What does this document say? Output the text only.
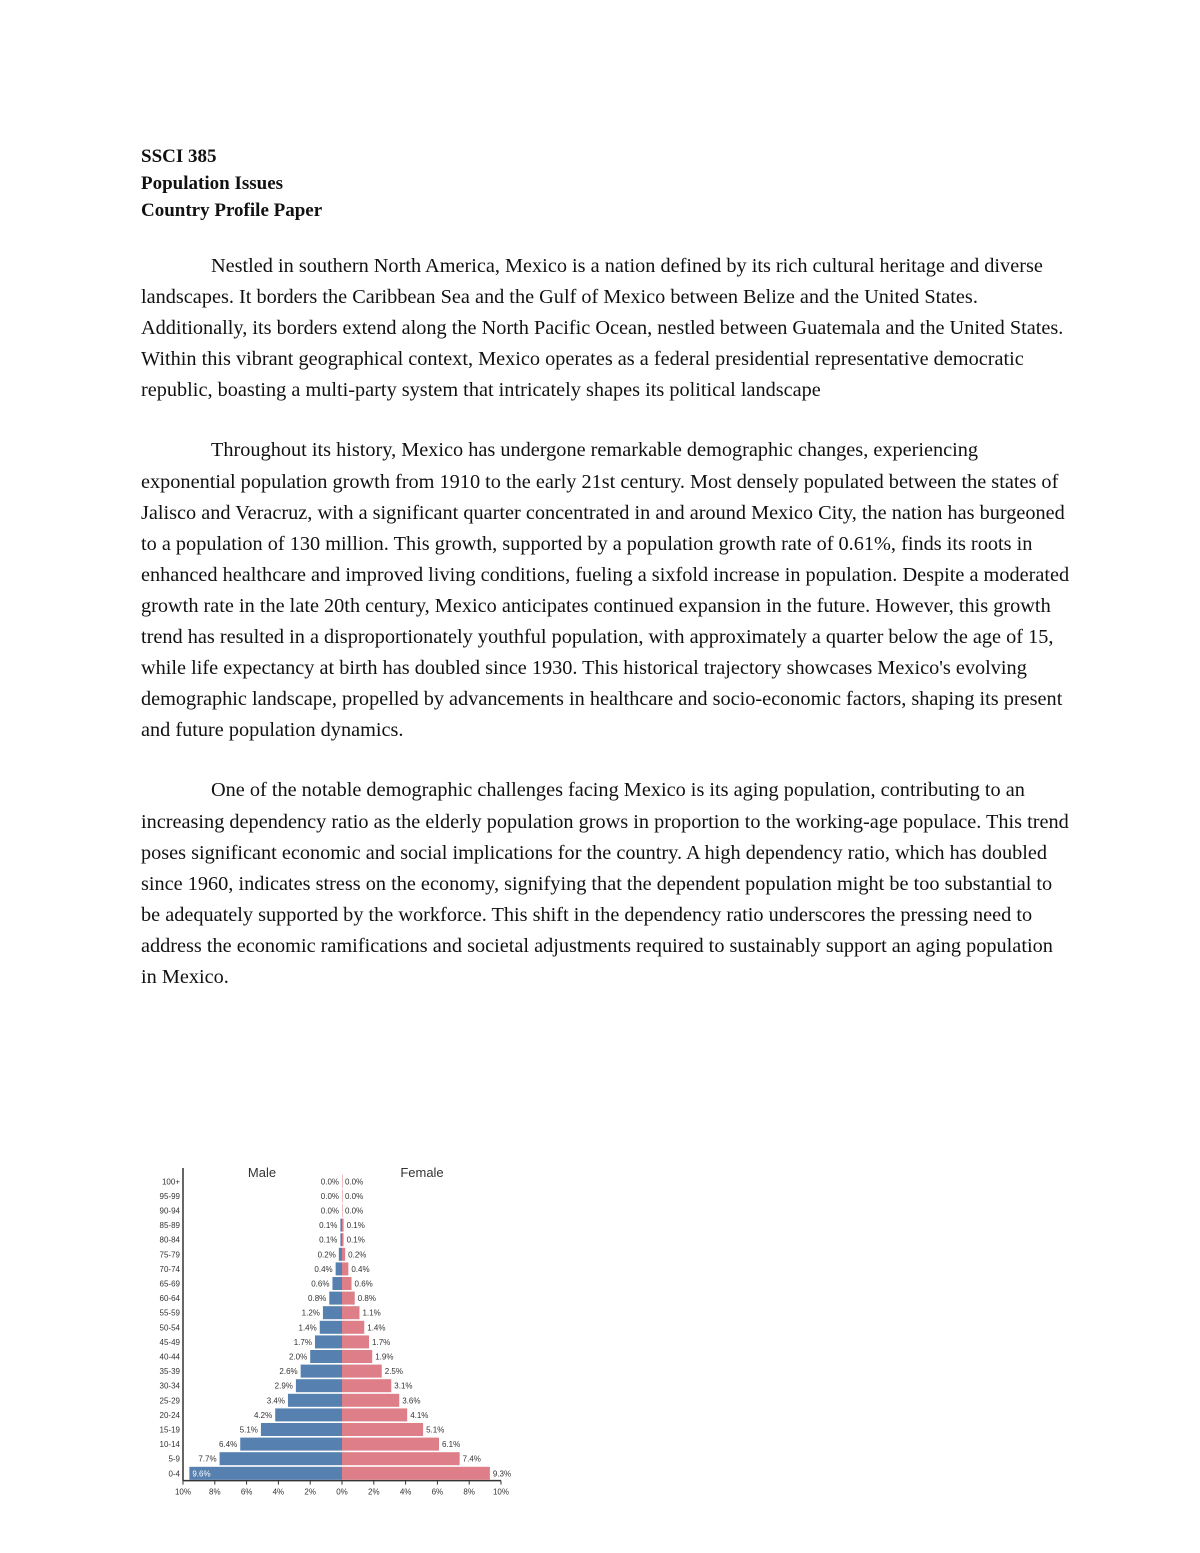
SSCI 385
Population Issues
Country Profile Paper

Nestled in southern North America, Mexico is a nation defined by its rich cultural heritage and diverse landscapes. It borders the Caribbean Sea and the Gulf of Mexico between Belize and the United States. Additionally, its borders extend along the North Pacific Ocean, nestled between Guatemala and the United States. Within this vibrant geographical context, Mexico operates as a federal presidential representative democratic republic, boasting a multi-party system that intricately shapes its political landscape

Throughout its history, Mexico has undergone remarkable demographic changes, experiencing exponential population growth from 1910 to the early 21st century. Most densely populated between the states of Jalisco and Veracruz, with a significant quarter concentrated in and around Mexico City, the nation has burgeoned to a population of 130 million. This growth, supported by a population growth rate of 0.61%, finds its roots in enhanced healthcare and improved living conditions, fueling a sixfold increase in population. Despite a moderated growth rate in the late 20th century, Mexico anticipates continued expansion in the future. However, this growth trend has resulted in a disproportionately youthful population, with approximately a quarter below the age of 15, while life expectancy at birth has doubled since 1930. This historical trajectory showcases Mexico's evolving demographic landscape, propelled by advancements in healthcare and socio-economic factors, shaping its present and future population dynamics.

One of the notable demographic challenges facing Mexico is its aging population, contributing to an increasing dependency ratio as the elderly population grows in proportion to the working-age populace. This trend poses significant economic and social implications for the country. A high dependency ratio, which has doubled since 1960, indicates stress on the economy, signifying that the dependent population might be too substantial to be adequately supported by the workforce. This shift in the dependency ratio underscores the pressing need to address the economic ramifications and societal adjustments required to sustainably support an aging population in Mexico.

100+	0.0% 0.0%
95-99	0.0% 0.0%
90-94	0.0% 0.0%
85-89	0.1% 0.1%
80-84	0.1% 0.1%
75-79	0.2% 0.2%
70-74	0.4% 0.4%
65-69	0.6%	0.6%
60-64	0.8%	0.8%
55-59	1.2%	1.1%
50-54	1.4%	1.4%
45-49	1.7%	1.7%
40-44	2.0%	1.9%
35-39	2.6%	2.5%
30-34	2.9%	3.1%
25-29	3.4%	3.6%
20-24	4.2%	4.1%
15-19	5.1%	5.1%
10-14	6.4%	6.1%
5-9 7.7%	7.4%
0-4 9.6%	9.3%
10% 8%	6%	4%	2%	0%	2%	4%	6%	8% 10%
Male	Female
